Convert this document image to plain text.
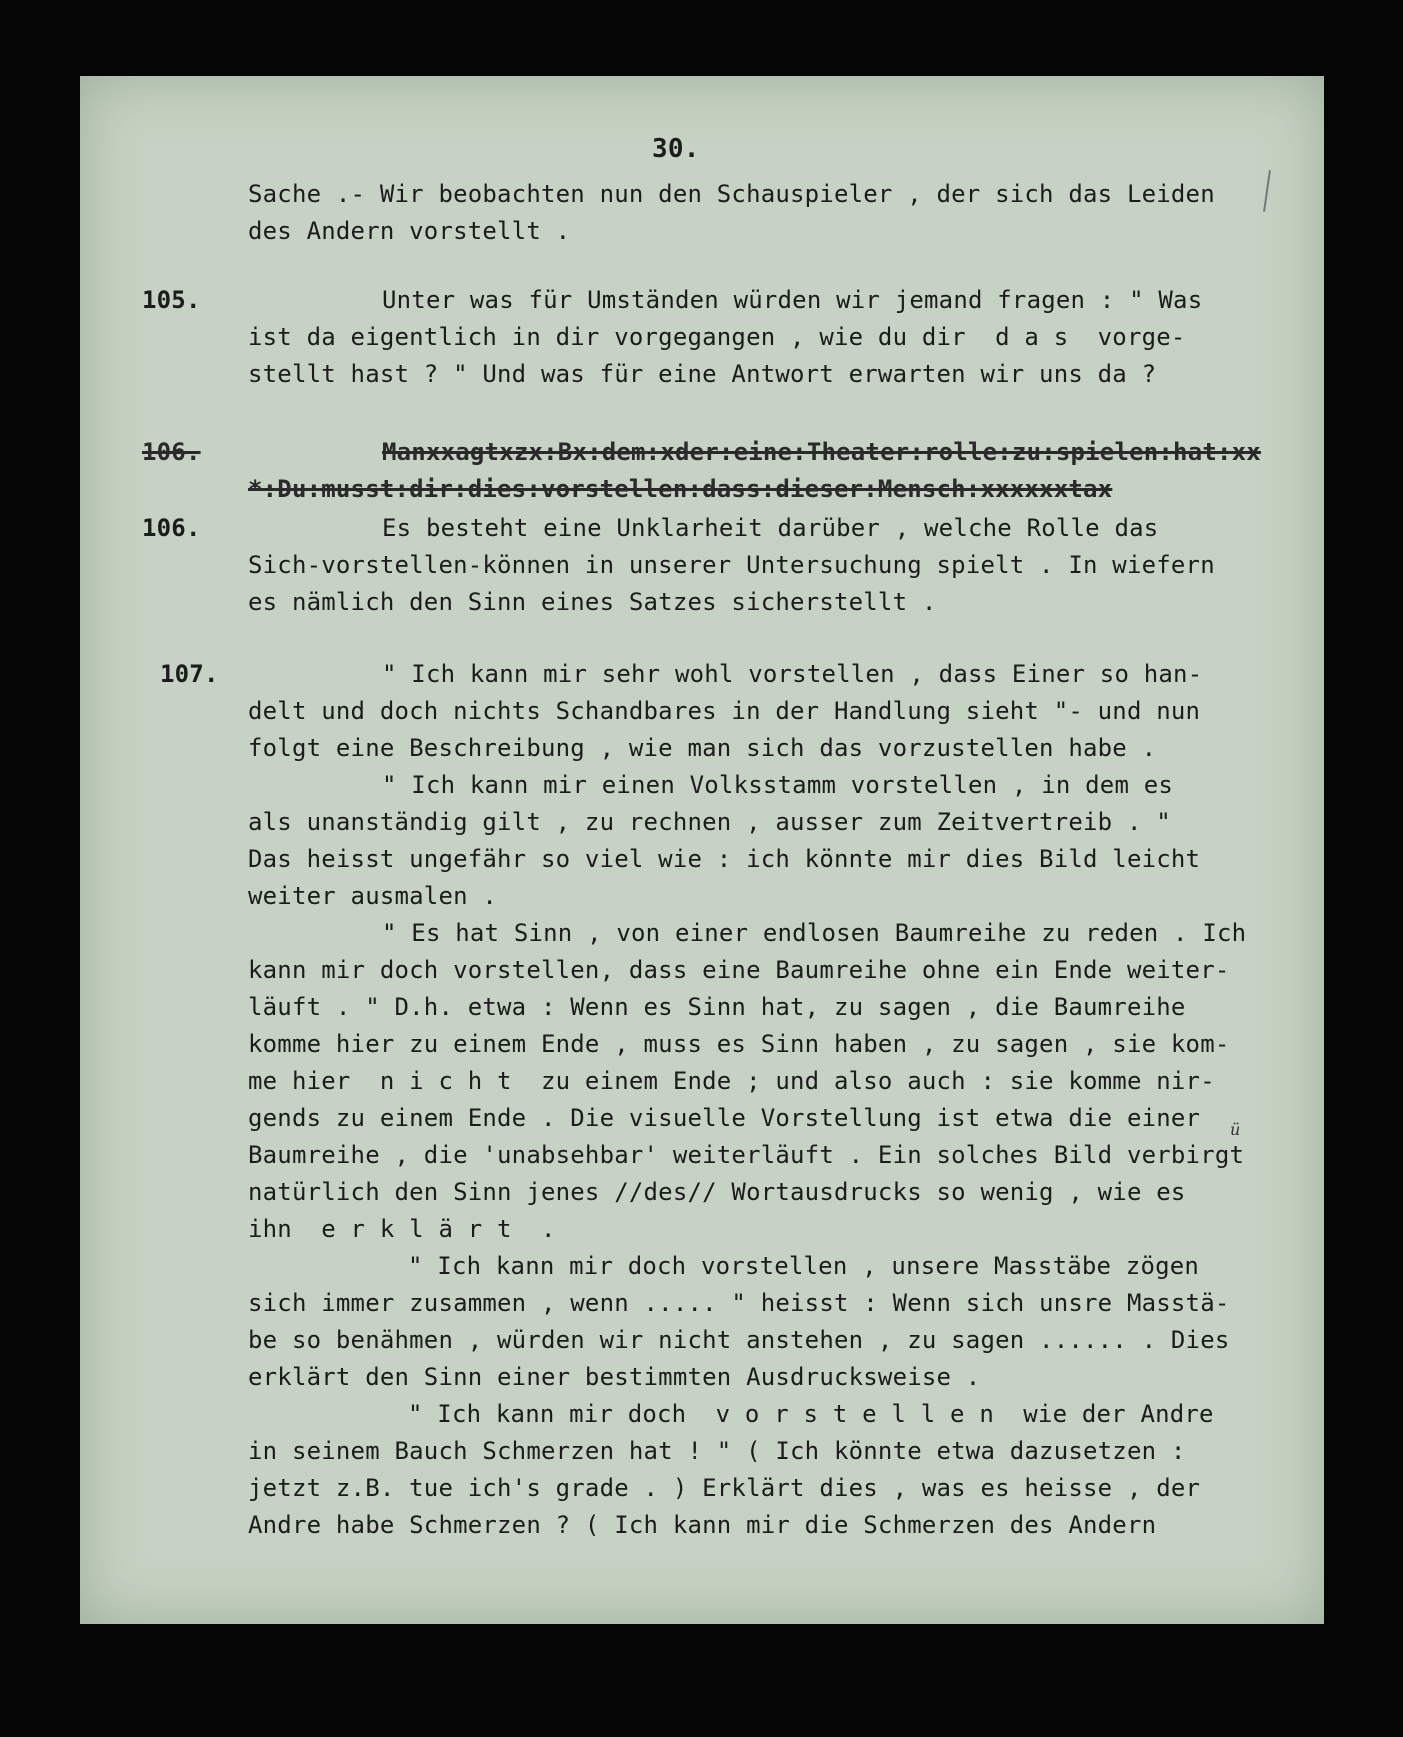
30.
Sache .- Wir beobachten nun den Schauspieler , der sich das Leiden
des Andern vorstellt .
105.	Unter was für Umständen würden wir jemand fragen : " Was
ist da eigentlich in dir vorgegangen , wie du dir  d a s  vorge-
stellt hast ? " Und was für eine Antwort erwarten wir uns da ?
106.	Manxxagtxzx:Bx:dem:xder:eine:Theater:rolle:zu:spielen:hat:xx
*:Du:musst:dir:dies:vorstellen:dass:dieser:Mensch:xxxxxxtax
106.	Es besteht eine Unklarheit darüber , welche Rolle das
Sich-vorstellen-können in unserer Untersuchung spielt . In wiefern
es nämlich den Sinn eines Satzes sicherstellt .
107.	" Ich kann mir sehr wohl vorstellen , dass Einer so han-
delt und doch nichts Schandbares in der Handlung sieht "- und nun
folgt eine Beschreibung , wie man sich das vorzustellen habe .
" Ich kann mir einen Volksstamm vorstellen , in dem es
als unanständig gilt , zu rechnen , ausser zum Zeitvertreib . "
Das heisst ungefähr so viel wie : ich könnte mir dies Bild leicht
weiter ausmalen .
" Es hat Sinn , von einer endlosen Baumreihe zu reden . Ich
kann mir doch vorstellen, dass eine Baumreihe ohne ein Ende weiter-
läuft . " D.h. etwa : Wenn es Sinn hat, zu sagen , die Baumreihe
komme hier zu einem Ende , muss es Sinn haben , zu sagen , sie kom-
me hier  n i c h t  zu einem Ende ; und also auch : sie komme nir-
gends zu einem Ende . Die visuelle Vorstellung ist etwa die einer ü
Baumreihe , die 'unabsehbar' weiterläuft . Ein solches Bild verbirgt
natürlich den Sinn jenes //des// Wortausdrucks so wenig , wie es
ihn  e r k l ä r t  .
" Ich kann mir doch vorstellen , unsere Masstäbe zögen
sich immer zusammen , wenn ..... " heisst : Wenn sich unsre Masstä-
be so benähmen , würden wir nicht anstehen , zu sagen ...... . Dies
erklärt den Sinn einer bestimmten Ausdrucksweise .
" Ich kann mir doch  v o r s t e l l e n  wie der Andre
in seinem Bauch Schmerzen hat ! " ( Ich könnte etwa dazusetzen :
jetzt z.B. tue ich's grade . ) Erklärt dies , was es heisse , der
Andre habe Schmerzen ? ( Ich kann mir die Schmerzen des Andern
